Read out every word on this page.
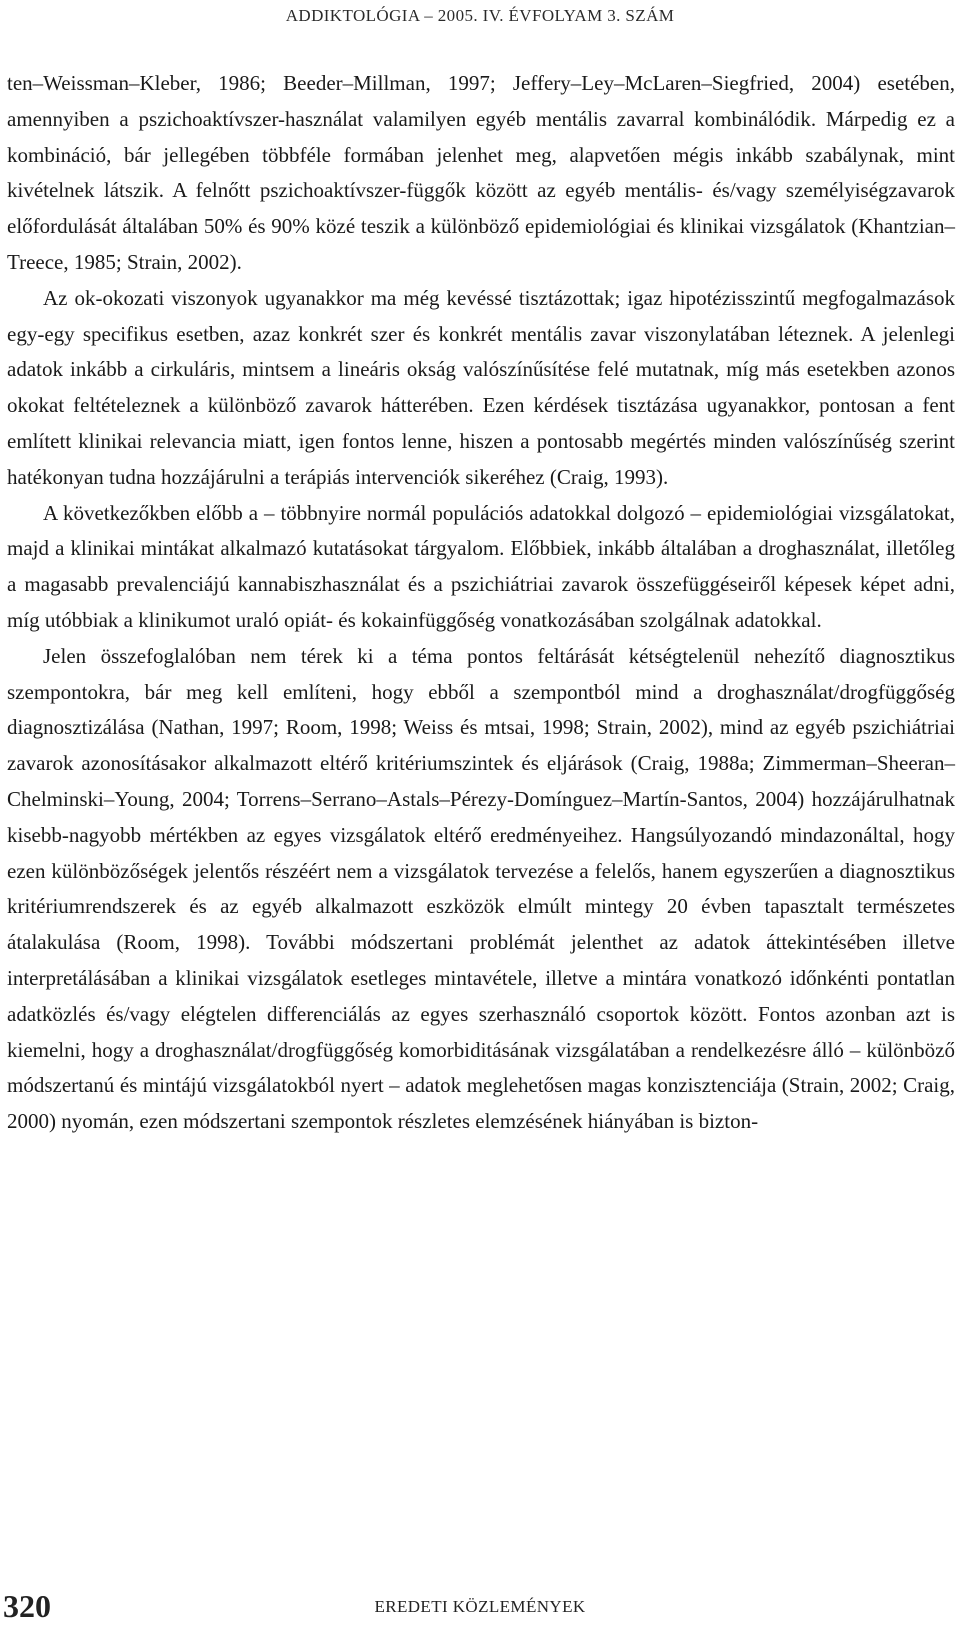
ADDIKTOLÓGIA – 2005. IV. ÉVFOLYAM 3. SZÁM

ten–Weissman–Kleber, 1986; Beeder–Millman, 1997; Jeffery–Ley–McLaren–Siegfried, 2004) esetében, amennyiben a pszichoaktívszer-használat valamilyen egyéb mentális zavarral kombinálódik. Márpedig ez a kombináció, bár jellegében többféle formában jelenhet meg, alapvetően mégis inkább szabálynak, mint kivételnek látszik. A felnőtt pszichoaktívszer-függők között az egyéb mentális- és/vagy személyiségzavarok előfordulását általában 50% és 90% közé teszik a különböző epidemiológiai és klinikai vizsgálatok (Khantzian–Treece, 1985; Strain, 2002).

Az ok-okozati viszonyok ugyanakkor ma még kevéssé tisztázottak; igaz hipotézisszintű megfogalmazások egy-egy specifikus esetben, azaz konkrét szer és konkrét mentális zavar viszonylatában léteznek. A jelenlegi adatok inkább a cirkuláris, mintsem a lineáris okság valószínűsítése felé mutatnak, míg más esetekben azonos okokat feltételeznek a különböző zavarok hátterében. Ezen kérdések tisztázása ugyanakkor, pontosan a fent említett klinikai relevancia miatt, igen fontos lenne, hiszen a pontosabb megértés minden valószínűség szerint hatékonyan tudna hozzájárulni a terápiás intervenciók sikeréhez (Craig, 1993).

A következőkben előbb a – többnyire normál populációs adatokkal dolgozó – epidemiológiai vizsgálatokat, majd a klinikai mintákat alkalmazó kutatásokat tárgyalom. Előbbiek, inkább általában a droghasználat, illetőleg a magasabb prevalenciájú kannabiszhasználat és a pszichiátriai zavarok összefüggéseiről képesek képet adni, míg utóbbiak a klinikumot uraló opiát- és kokainfüggőség vonatkozásában szolgálnak adatokkal.

Jelen összefoglalóban nem térek ki a téma pontos feltárását kétségtelenül nehezítő diagnosztikus szempontokra, bár meg kell említeni, hogy ebből a szempontból mind a droghasználat/drogfüggőség diagnosztizálása (Nathan, 1997; Room, 1998; Weiss és mtsai, 1998; Strain, 2002), mind az egyéb pszichiátriai zavarok azonosításakor alkalmazott eltérő kritériumszintek és eljárások (Craig, 1988a; Zimmerman–Sheeran–Chelminski–Young, 2004; Torrens–Serrano–Astals–Pérezy-Domínguez–Martín-Santos, 2004) hozzájárulhatnak kisebb-nagyobb mértékben az egyes vizsgálatok eltérő eredményeihez. Hangsúlyozandó mindazonáltal, hogy ezen különbözőségek jelentős részéért nem a vizsgálatok tervezése a felelős, hanem egyszerűen a diagnosztikus kritériumrendszerek és az egyéb alkalmazott eszközök elmúlt mintegy 20 évben tapasztalt természetes átalakulása (Room, 1998). További módszertani problémát jelenthet az adatok áttekintésében illetve interpretálásában a klinikai vizsgálatok esetleges mintavétele, illetve a mintára vonatkozó időnkénti pontatlan adatközlés és/vagy elégtelen differenciálás az egyes szerhasználó csoportok között. Fontos azonban azt is kiemelni, hogy a droghasználat/drogfüggőség komorbiditásának vizsgálatában a rendelkezésre álló – különböző módszertanú és mintájú vizsgálatokból nyert – adatok meglehetősen magas konzisztenciája (Strain, 2002; Craig, 2000) nyomán, ezen módszertani szempontok részletes elemzésének hiányában is bizton-

320	EREDETI KÖZLEMÉNYEK
